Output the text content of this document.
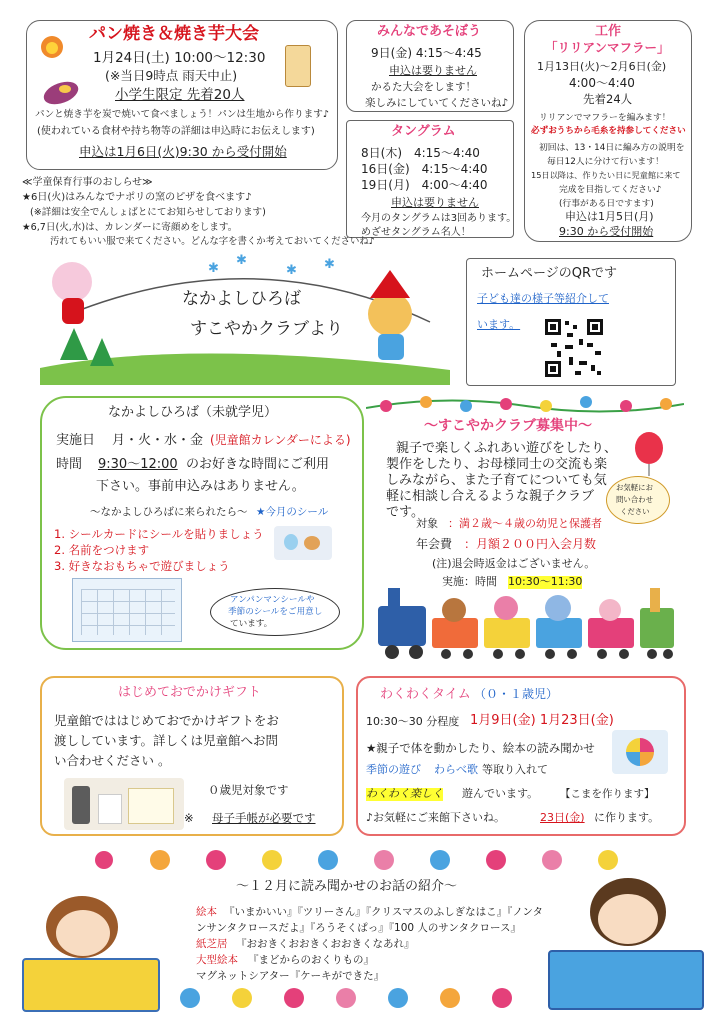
パン焼き＆焼き芋大会
1月24日(土) 10:00～12:30
(※当日9時点 雨天中止)
小学生限定 先着20人
パンと焼き芋を炭で焼いて食べましょう！パンは生地から作ります♪
(使われている食材や持ち物等の詳細は申込時にお伝えします)
申込は1月6日(火)9:30 から受付開始
みんなであそぼう
9日(金) 4:15～4:45
申込は要りません
かるた大会をします！
楽しみにしていてくださいね♪
タングラム
8日(木)　4:15～4:40
16日(金)　4:15～4:40
19日(月)　4:00～4:40
申込は要りません
今月のタングラムは3回あります。
めざせタングラム名人！
工作
「リリアンマフラー」
1月13日(火)～2月6日(金)
4:00～4:40
先着24人
リリアンでマフラーを編みます！
必ずおうちから毛糸を持参してください
初回は、13・14日に編み方の説明を
毎日12人に分けて行います！
15日以降は、作りたい日に児童館に来て
完成を目指してください♪
(行事がある日ですます)
申込は1月5日(月)
9:30 から受付開始
≪学童保育行事のおしらせ≫
★6日(火)はみんなでナポリの窯のピザを食べます♪
(※詳細は安全でんしょばとにてお知らせしております)
★6,7日(火,水)は、カレンダーに寄顔めをします。
汚れてもいい服で来てください。どんな字を書くか考えておいてくださいね♪
✱
✱
✱ ✱
なかよしひろば
すこやかクラブより
ホームページのQRです
子ども達の様子等紹介して
います。
なかよしひろば（未就学児）
実施日 月・火・水・金 (児童館カレンダーによる)
時間 9:30～12:00 のお好きな時間にご利用
下さい。事前申込みはありません。
～なかよしひろばに来られたら～ ★今月のシール
1. シールカードにシールを貼りましょう
2. 名前をつけます
3. 好きなおもちゃで遊びましょう
アンパンマンシールや
季節のシールをご用意し
ています。
～すこやかクラブ募集中～
親子で楽しくふれあい遊びをしたり、
製作をしたり、お母様同士の交流も楽
しみながら、また子育てについても気
軽に相談し合えるような親子クラブ
です。
お気軽にお
問い合わせ
ください
対象 ：満２歳～４歳の幼児と保護者
年会費 ：月額２００円入会月数
(注)退会時返金はございません。
実施：時間 10:30～11:30
はじめておでかけギフト
児童館でははじめておでかけギフトをお
渡ししています。詳しくは児童館へお問
い合わせください 。
０歳児対象です
※ 母子手帳が必要です
わくわくタイム （０・１歳児）
10:30～30 分程度 1月9日(金) 1月23日(金)
★親子で体を動かしたり、絵本の読み聞かせ
季節の遊び わらべ歌 等取り入れて
わくわく楽しく 遊んでいます。 【こまを作ります】
♪お気軽にご来館下さいね。	23日(金) に作ります。
～１２月に読み聞かせのお話の紹介～
絵本 『いまかいい』『ツリーさん』『クリスマスのふしぎなはこ』『ノンタ
ンサンタクロースだよ』『ろうそくぱっ』『100 人のサンタクロース』
紙芝居 『おおきくおおきくおおきくなあれ』
大型絵本 『まどからのおくりもの』
マグネットシアター『ケーキができた』
